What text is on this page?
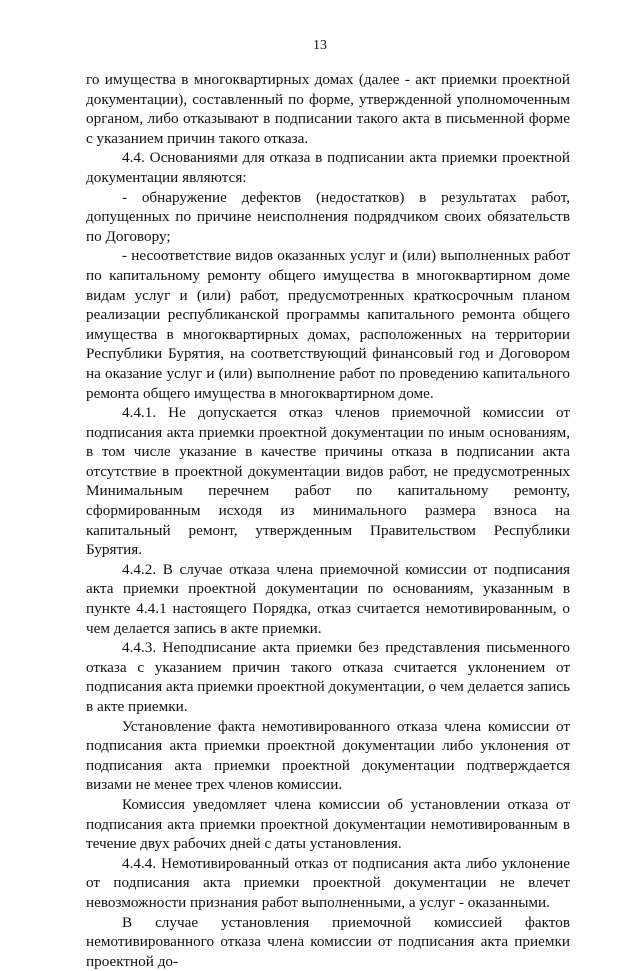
13

го имущества в многоквартирных домах (далее - акт приемки проектной документации), составленный по форме, утвержденной уполномоченным органом, либо отказывают в подписании такого акта в письменной форме с указанием причин такого отказа.

4.4. Основаниями для отказа в подписании акта приемки проектной документации являются:

- обнаружение дефектов (недостатков) в результатах работ, допущенных по причине неисполнения подрядчиком своих обязательств по Договору;

- несоответствие видов оказанных услуг и (или) выполненных работ по капитальному ремонту общего имущества в многоквартирном доме видам услуг и (или) работ, предусмотренных краткосрочным планом реализации республиканской программы капитального ремонта общего имущества в многоквартирных домах, расположенных на территории Республики Бурятия, на соответствующий финансовый год и Договором на оказание услуг и (или) выполнение работ по проведению капитального ремонта общего имущества в многоквартирном доме.

4.4.1. Не допускается отказ членов приемочной комиссии от подписания акта приемки проектной документации по иным основаниям, в том числе указание в качестве причины отказа в подписании акта отсутствие в проектной документации видов работ, не предусмотренных Минимальным перечнем работ по капитальному ремонту, сформированным исходя из минимального размера взноса на капитальный ремонт, утвержденным Правительством Республики Бурятия.

4.4.2. В случае отказа члена приемочной комиссии от подписания акта приемки проектной документации по основаниям, указанным в пункте 4.4.1 настоящего Порядка, отказ считается немотивированным, о чем делается запись в акте приемки.

4.4.3. Неподписание акта приемки без представления письменного отказа с указанием причин такого отказа считается уклонением от подписания акта приемки проектной документации, о чем делается запись в акте приемки.

Установление факта немотивированного отказа члена комиссии от подписания акта приемки проектной документации либо уклонения от подписания акта приемки проектной документации подтверждается визами не менее трех членов комиссии.

Комиссия уведомляет члена комиссии об установлении отказа от подписания акта приемки проектной документации немотивированным в течение двух рабочих дней с даты установления.

4.4.4. Немотивированный отказ от подписания акта либо уклонение от подписания акта приемки проектной документации не влечет невозможности признания работ выполненными, а услуг - оказанными.

В случае установления приемочной комиссией фактов немотивированного отказа члена комиссии от подписания акта приемки проектной до-
